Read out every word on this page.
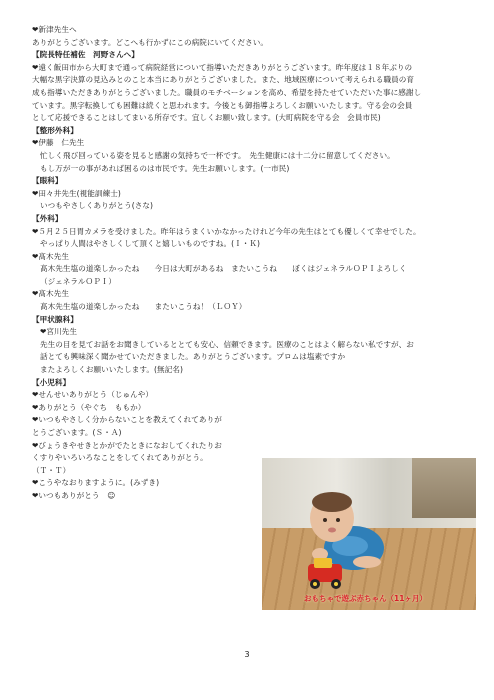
❤新津先生へ
ありがとうございます。どこへも行かずにこの病院にいてください。
【院長特任補佐　河野さんへ】
❤遠く飯田市から大町まで通って病院経営について指導いただきありがとうございます。昨年度は１８年ぶりの
大幅な黒字決算の見込みとのこと本当にありがとうございました。また、地域医療について考えられる職員の育
成も指導いただきありがとうございました。職員のモチベーションを高め、希望を持たせていただいた事に感謝し
ています。黒字転換しても困難は続くと思われます。今後とも御指導よろしくお願いいたします。守る会の会員
として応援できることはしてまいる所存です。宜しくお願い致します。(大町病院を守る会　会員市民)
【整形外科】
❤伊藤　仁先生
忙しく飛び回っている姿を見ると感謝の気持ちで一杯です。　先生健康には十二分に留意してください。
もし万が一の事があれば困るのは市民です。先生お願いします。(一市民)
【眼科】
❤田々井先生(視能訓練士)
いつもやさしくありがとう(さな)
【外科】
❤５月２５日胃カメラを受けました。昨年はうまくいかなかったけれど今年の先生はとても優しくて幸せでした。
やっぱり人間はやさしくして頂くと嬉しいものですね。(Ｉ・Ｋ)
❤髙木先生
髙木先生塩の道楽しかったね　　今日は大町があるね　またいこうね　　ぼくはジェネラルＯＰＩよろしく
（ジェネラルＯＰＩ）
❤髙木先生
髙木先生塩の道楽しかったね　　またいこうね！（ＬＯＹ）
【甲状腺科】
❤宮川先生
先生の目を見てお話をお聞きしているととても安心、信頼できます。医療のことはよく解らない私ですが、お
話とても興味深く聞かせていただきました。ありがとうございます。プロムは塩素ですか
またよろしくお願いいたします。(無記名)
【小児科】
❤せんせいありがとう（じゅんや）
❤ありがとう（やぐち　ももか）
❤いつもやさしく分からないことを教えてくれてありが
とうございます。(Ｓ・Ａ)
❤びょうきやせきとかがでたときになおしてくれたりお
くすりやいろいろなことをしてくれてありがとう。
（Ｔ・Ｔ）
❤こうやなおりますように。(みずき)
❤いつもありがとう　☺
おもちゃで遊ぶ赤ちゃん（11ヶ月）
3
